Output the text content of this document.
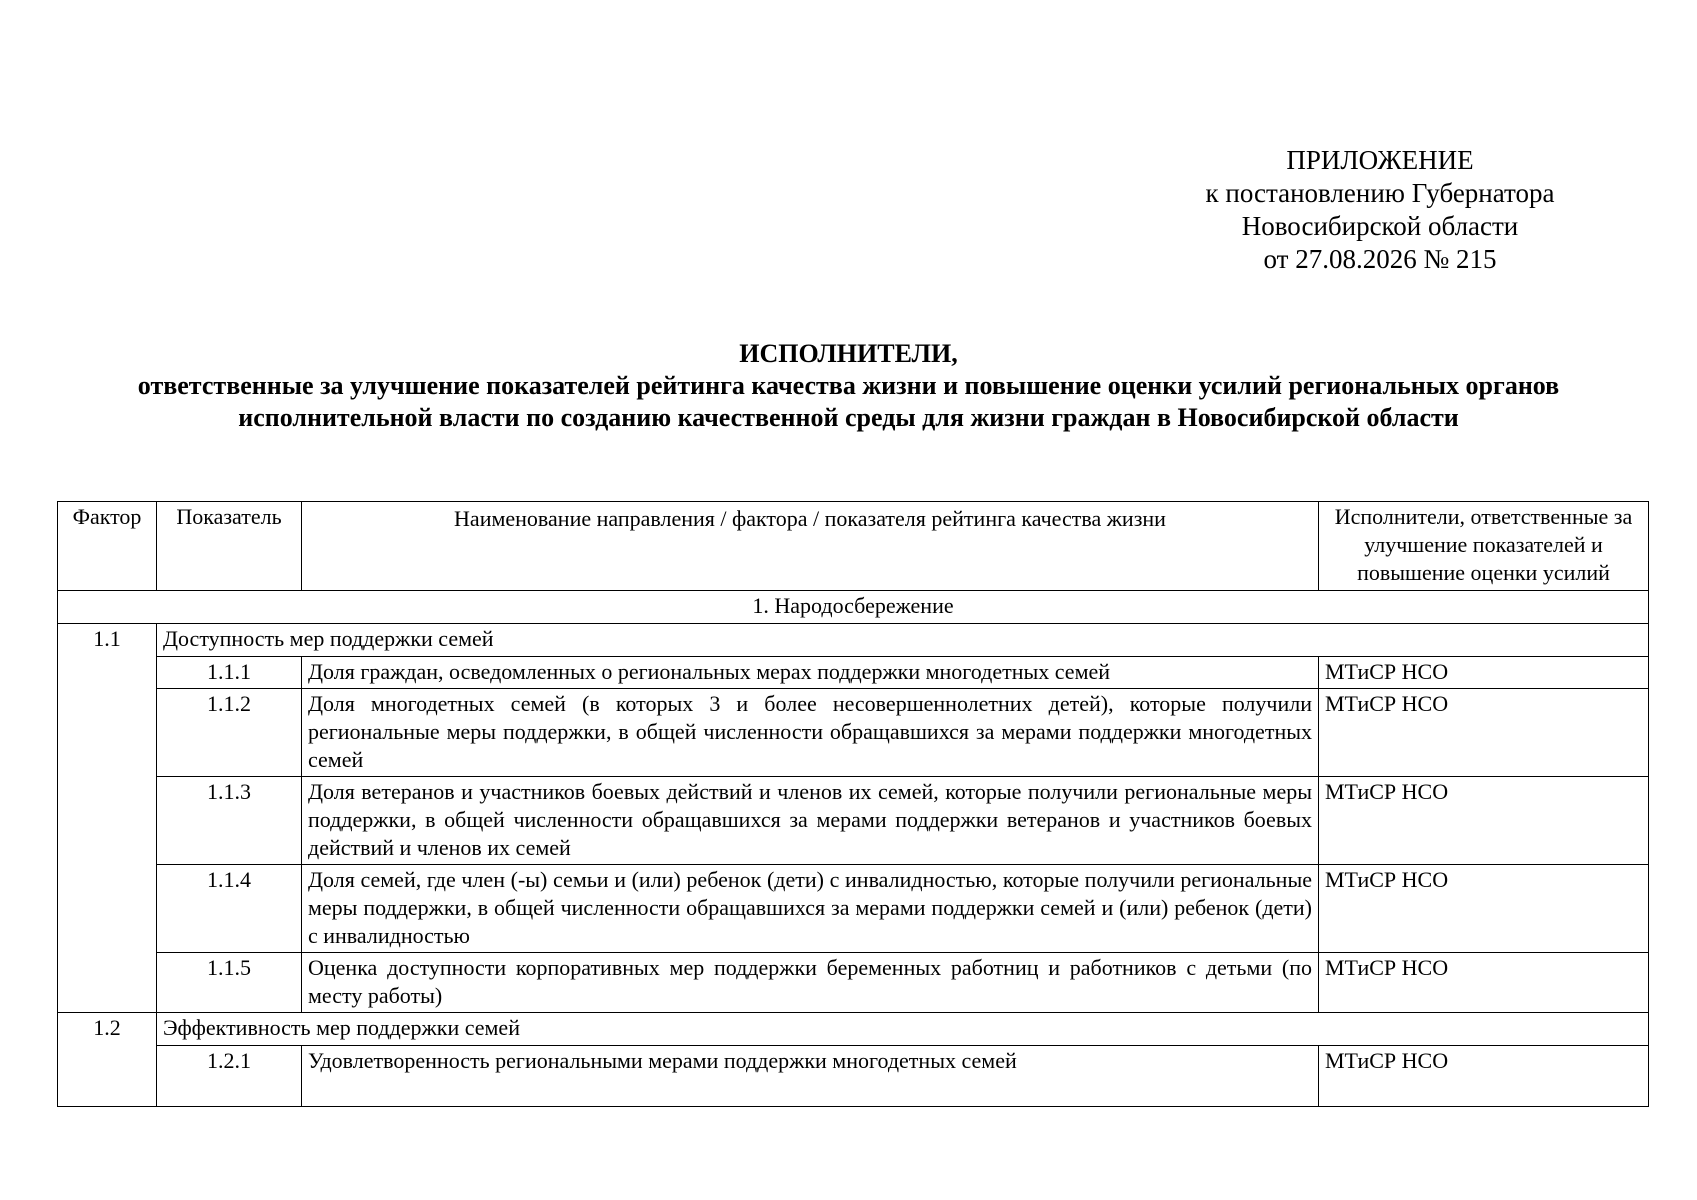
ПРИЛОЖЕНИЕ
к постановлению Губернатора
Новосибирской области
от 27.08.2026 № 215
ИСПОЛНИТЕЛИ,
ответственные за улучшение показателей рейтинга качества жизни и повышение оценки усилий региональных органов
исполнительной власти по созданию качественной среды для жизни граждан в Новосибирской области
Фактор	Показатель	Наименование направления / фактора / показателя рейтинга качества жизни	Исполнители, ответственные за улучшение показателей и повышение оценки усилий
1. Народосбережение			
1.1	Доступность мер поддержки семей		
	1.1.1	Доля граждан, осведомленных о региональных мерах поддержки многодетных семей	МТиСР НСО
	1.1.2	Доля многодетных семей (в которых 3 и более несовершеннолетних детей), которые получили региональные меры поддержки, в общей численности обращавшихся за мерами поддержки многодетных семей	МТиСР НСО
	1.1.3	Доля ветеранов и участников боевых действий и членов их семей, которые получили региональные меры поддержки, в общей численности обращавшихся за мерами поддержки ветеранов и участников боевых действий и членов их семей	МТиСР НСО
	1.1.4	Доля семей, где член (-ы) семьи и (или) ребенок (дети) с инвалидностью, которые получили региональные меры поддержки, в общей численности обращавшихся за мерами поддержки семей и (или) ребенок (дети) с инвалидностью	МТиСР НСО
	1.1.5	Оценка доступности корпоративных мер поддержки беременных работниц и работников с детьми (по месту работы)	МТиСР НСО
1.2	Эффективность мер поддержки семей		
	1.2.1	Удовлетворенность региональными мерами поддержки многодетных семей	МТиСР НСО
